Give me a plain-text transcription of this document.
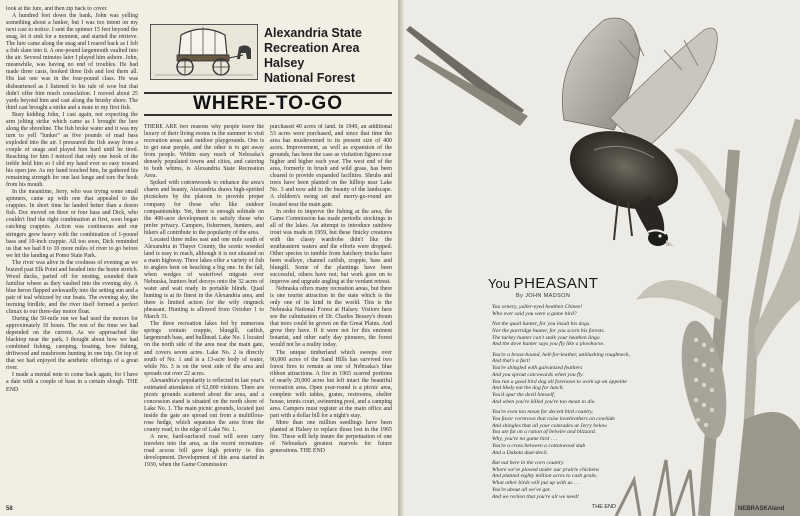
look at the lure, and then zip back to cover.

A hundred feet down the bank, John was yelling something about a lunker, but I was too intent on my next cast to notice. I sent the spinner 15 feet beyond the snag, let it sink for a moment, and started the retrieve. The lure came along the snag and I reared back as I felt a fish slam into it. A one-pound largemouth vaulted into the air. Several minutes later I played him ashore. John, meanwhile, was having no end of troubles. He had made three casts, hooked three fish and lost them all. His last one was in the four-pound class. He was disheartened as I listened to his tale of woe but that didn't offer him much consolation. I moved about 25 yards beyond him and cast along the brushy shore. The third cast brought a strike and a mate to my first fish.

Busy kidding John, I cast again, not expecting the arm jolting strike which came as I brought the lure along the shoreline. The fish broke water and it was my turn to yell "lunker" as five pounds of mad bass exploded into the air. I pressured the fish away from a couple of snags and played him hard until he tired. Reaching for him I noticed that only one hook of the treble held him so I slid my hand ever so easy toward his open jaw. As my hand touched him, he gathered his remaining strength for one last lunge and tore the hook from his mouth.

In the meantime, Jerry, who was trying some small spinners, came up with one that appealed to the crappies. In short time he landed better than a dozen fish. Doc moved on three or four bass and Dick, who couldn't find the right combination at first, soon began catching crappies. Action was continuous and our stringers grew heavy with the combination of 1-pound bass and 10-inch crappie. All too soon, Dick reminded us that we had 8 to 10 more miles of river to go before we hit the landing at Pomo State Park.

The river was alive in the coolness of evening as we buzzed past Elk Point and headed into the home stretch. Wood ducks, parted off for nesting, sounded their familiar wheee as they vaulted into the evening sky. A blue heron flapped awkwardly into the setting sun and a pair of teal whizzed by our boats. The evening sky, the teeming birdlife, and the river itself formed a perfect climax to our three-day motor float.

During the 50-mile run we had used the motors for approximately 10 hours. The rest of the time we had depended on the current. As we approached the blacktop near the park, I thought about how we had combined fishing, camping, boating, bow fishing, driftwood and mushroom hunting in one trip. On top of that we had enjoyed the aesthetic offerings of a great river.

I made a mental note to come back again, for I have a date with a couple of bass in a certain slough. THE END

Alexandria State
Recreation Area
Halsey
National Forest
WHERE-TO-GO

THERE ARE two reasons why people leave the luxury of their living rooms in the summer to visit recreation areas and outdoor playgrounds. One is to get near people, and the other is to get away from people. Within easy reach of Nebraska's densely populated towns and cities, and catering to both whims, is Alexandria State Recreation Area.

Spiked with cottonwoods to enhance the area's charm and beauty, Alexandria draws high-spirited picnickers by the platoon to provide proper company for those who like outdoor companionship. Yet, there is enough solitude on the 400-acre development to satisfy those who prefer privacy. Campers, fishermen, hunters, and hikers all contribute to the popularity of the area.

Located three miles east and one mile south of Alexandria in Thayer County, the scenic wooded land is easy to reach, although it is not situated on a main highway. Three lakes offer a variety of fish to anglers bent on beaching a big one. In the fall, when wedges of waterfowl migrate over Nebraska, hunters hurl decoys onto the 32 acres of water and wait ready in portable blinds. Quail hunting is at its finest in the Alexandria area, and there is limited action for the wily ringneck pheasant. Hunting is allowed from October 1 to March 31.

The three recreation lakes fed by numerous springs contain crappie, bluegill, catfish, largemouth bass, and bullhead. Lake No. 1 located on the north side of the area near the main gate, and covers seven acres. Lake No. 2 is directly south of No. 1 and is a 13-acre body of water, while No. 3 is on the west side of the area and spreads out over 22 acres.

Alexandria's popularity is reflected in last year's estimated attendance of 62,000 visitors. There are picnic grounds scattered about the area, and a concession stand is situated on the north shore of Lake No. 1. The main picnic grounds, located just inside the gate are spread out from a multiflora-rose hedge, which separates the area from the county road, to the edge of Lake No. 1.

A new, hard-surfaced road will soon carry travelers into the area, as the recent recreation-road access bill gave high priority to this development. Development of this area started in 1930, when the Game Commission

purchased 40 acres of land. In 1949, an additional 53 acres were purchased, and since that time the area has mushroomed to its present size of 400 acres. Improvement, as well as expansion of the grounds, has been the case as visitation figures soar higher and higher each year. The west end of the area, formerly in brush and wild grass, has been cleared to provide expanded facilities. Shrubs and trees have been planted on the hilltop near Lake No. 3 and now add to the beauty of the landscape. A children's swing set and merry-go-round are located near the main gate.

In order to improve the fishing at the area, the Game Commission has made periodic stockings in all of the lakes. An attempt to introduce rainbow trout was made in 1959, but these finicky creatures with the classy wardrobe didn't like the southeastern waters and the efforts were dropped. Other species to tumble from hatchery trucks have been walleye, channel catfish, crappie, bass and bluegill. Some of the plantings have been successful, others have not; but work goes on to improve and upgrade angling at the verdant retreat.

Nebraska offers many recreation areas, but there is one tourist attraction in the state which is the only one of its kind in the world. This is the Nebraska National Forest at Halsey. Visitors here see the culmination of Dr. Charles Bessey's dream that trees could be grown on the Great Plains. And grow they have. If it were not for this eminent botanist, and other early day pioneers, the forest would not be a reality today.

The unique timberland which sweeps over 90,000 acres of the Sand Hills has survived two forest fires to remain as one of Nebraska's blue ribbon attractions. A fire in 1965 scarred portions of nearly 20,000 acres but left intact the beautiful recreation area. Open year-round is a picnic area, complete with tables, grates, restrooms, shelter house, tennis court, swimming pool, and a camping area. Campers must register at the main office and part with a dollar bill for a night's stay.

More than one million seedlings have been planted at Halsey to replace those lost in the 1965 fire. These will help insure the perpetuation of one of Nebraska's greatest marvels for future generations. THE END

58
You PHEASANT
By JOHN MADSON
You ornery, yaller-eyed heathen Chinee!
Who ever said you were a game bird?
Not the quail hunter, for you insult his dogs.
Nor the partridge hunter, for you scorn his forests.
The turkey hunter can't stalk your heathen lingo
And the dove hunter says you fly like a plowhorse.
You're a brass-bound, hell-for-leather, unblushing roughneck,
And that's a fact!
You're shingled with galvanized feathers
And you sprout catcowards when you fly.
You run a good bird dog all forenoon to work up an appetite
And likely eat the dog for lunch.
You'd spur the devil himself,
And when you're killed you're too mean to die.
You're even too mean for decent bird country.
You favor cornrows that raise lovebrothers on cowhide
And shingles that all your comrades at Jerry below.
You ate fat on a ration of belwire and blizzard.
Why, you're no game bird . . .
You're a cross between a cottonwood stub
And a Dakota dust-devil.
But out here in the corn country
Where we've plowed under our prairie chickens
And planted eighty million acres to cash grain,
What other birds will put up with us . . .
You're about all we've got.
And we reckon that you're all we need!
THE END	NEBRASKAland
